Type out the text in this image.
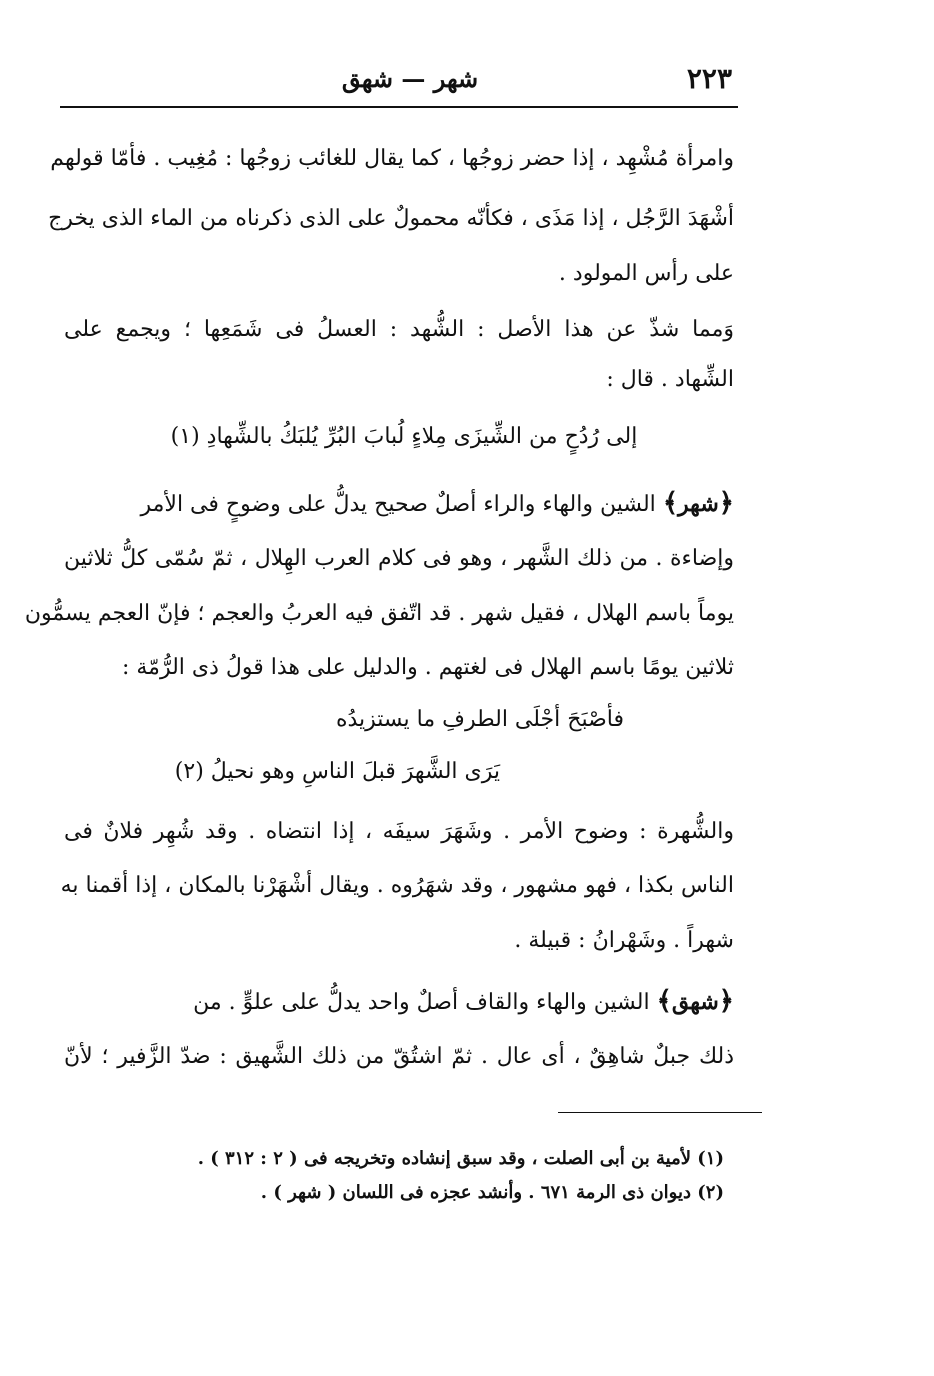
٢٢٣
شهر — شهق
وامرأة مُشْهِد ، إذا حضر زوجُها ، كما يقال للغائب زوجُها : مُغِيب . فأمّا قولهم
أشْهَدَ الرَّجُل ، إذا مَذَى ، فكأنّه محمولٌ على الذى ذكرناه من الماء الذى يخرج
على رأس المولود .
وَمما شذّ عن هذا الأصل : الشُّهد : العسلُ فى شَمَعِها ؛ ويجمع على
الشِّهاد . قال :
إلى رُدُحٍ من الشِّيزَى مِلاءٍ لُبابَ البُرِّ يُلبَكُ بالشِّهادِ (١)
﴿شهر﴾ الشين والهاء والراء أصلٌ صحيح يدلُّ على وضوحٍ فى الأمر
وإضاءة . من ذلك الشَّهر ، وهو فى كلام العرب الهِلال ، ثمّ سُمّى كلُّ ثلاثين
يوماً باسم الهلال ، فقيل شهر . قد اتّفق فيه العربُ والعجم ؛ فإنّ العجم يسمُّون
ثلاثين يومًا باسم الهلال فى لغتهم . والدليل على هذا قولُ ذى الرُّمّة :
فأصْبَحَ أجْلَى الطرفِ ما يستزيدُه
يَرَى الشَّهرَ قبلَ الناسِ وهو نحيلُ (٢)
والشُّهرة : وضوح الأمر . وشَهَرَ سيفَه ، إذا انتضاه . وقد شُهِر فلانٌ فى
الناس بكذا ، فهو مشهور ، وقد شهَرُوه . ويقال أشْهَرْنا بالمكان ، إذا أقمنا به
شهراً . وشَهْرانُ : قبيلة .
﴿شهق﴾ الشين والهاء والقاف أصلٌ واحد يدلُّ على علوٍّ . من
ذلك جبلٌ شاهِقٌ ، أى عال . ثمّ اشتُقّ من ذلك الشَّهيق : ضدّ الزَّفير ؛ لأنّ
(١) لأمية بن أبى الصلت ، وقد سبق إنشاده وتخريجه فى ( ٢ : ٣١٢ ) .
(٢) ديوان ذى الرمة ٦٧١ . وأنشد عجزه فى اللسان ( شهر ) .
